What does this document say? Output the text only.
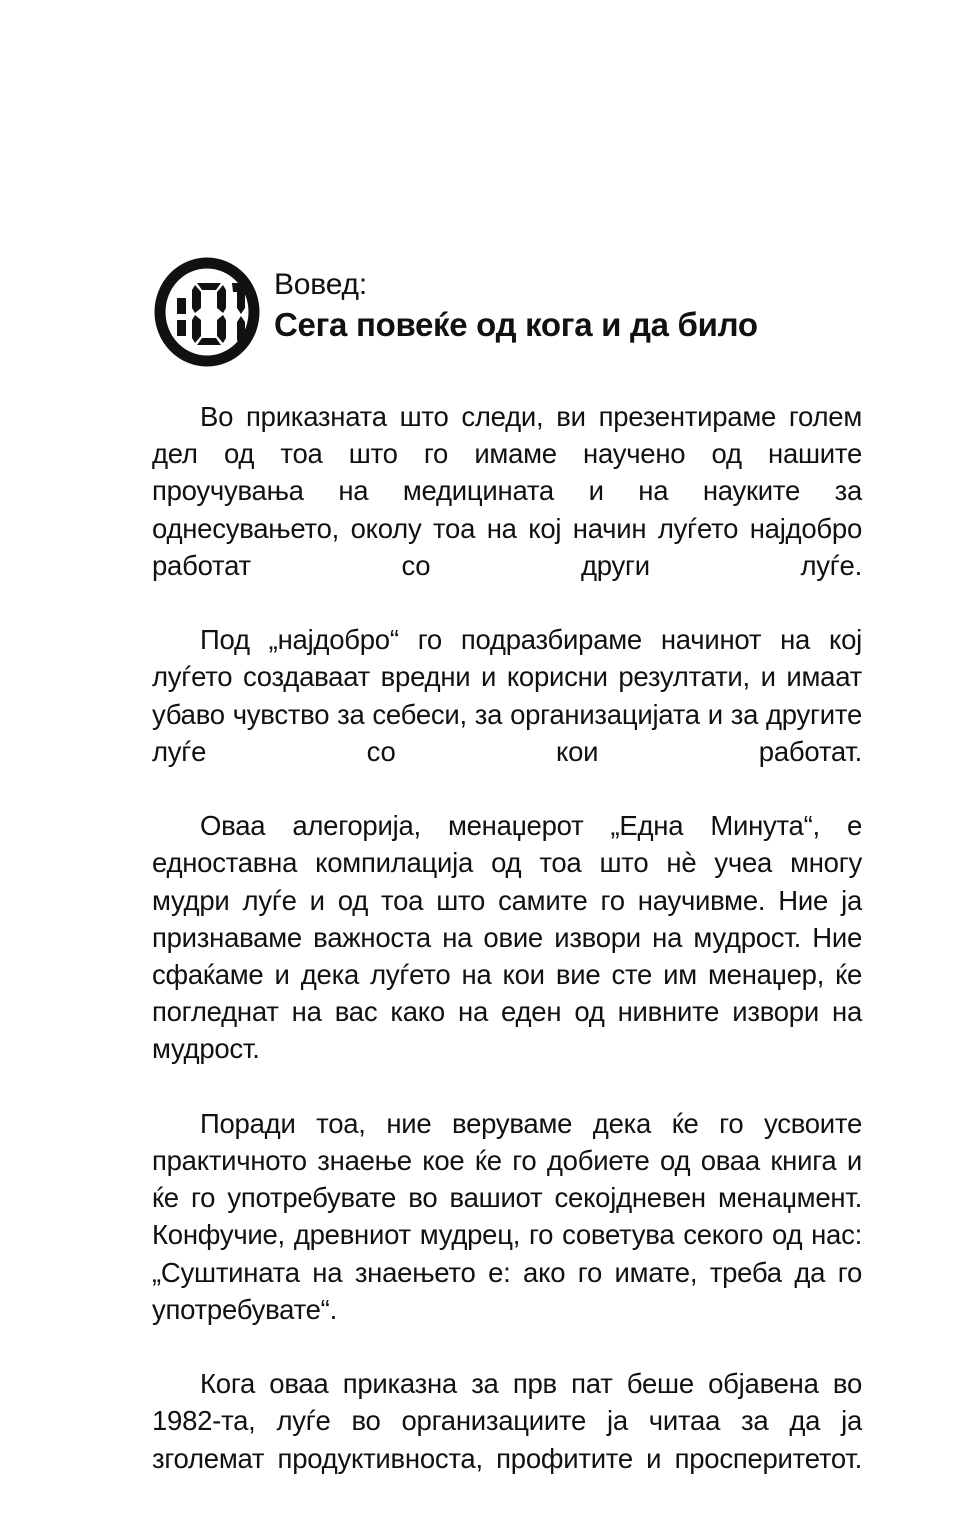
Вовед:
Сега повеќе од кога и да било

Во приказната што следи, ви презентираме голем дел од тоа што го имаме научено од нашите проучувања на медицината и на науките за однесувањето, околу тоа на кој начин луѓето најдобро работат со други луѓе.

Под „најдобро“ го подразбираме начинот на кој луѓето создаваат вредни и корисни резултати, и имаат убаво чувство за себеси, за организацијата и за другите луѓе со кои работат.

Оваа алегорија, менаџерот „Една Минута“, е едноставна компилација од тоа што нѐ учеа многу мудри луѓе и од тоа што самите го научивме. Ние ја признаваме важноста на овие извори на мудрост. Ние сфаќаме и дека луѓето на кои вие сте им менаџер, ќе погледнат на вас како на еден од нивните извори на мудрост.

Поради тоа, ние веруваме дека ќе го усвоите практичното знаење кое ќе го добиете од оваа книга и ќе го употребувате во вашиот секојдневен менаџмент. Конфучие, древниот мудрец, го советува секого од нас: „Суштината на знаењето е: ако го имате, треба да го употребувате“.

Кога оваа приказна за прв пат беше објавена во 1982-та, луѓе во организациите ја читаа за да ја зголемат продуктивноста, профитите и просперитетот.
